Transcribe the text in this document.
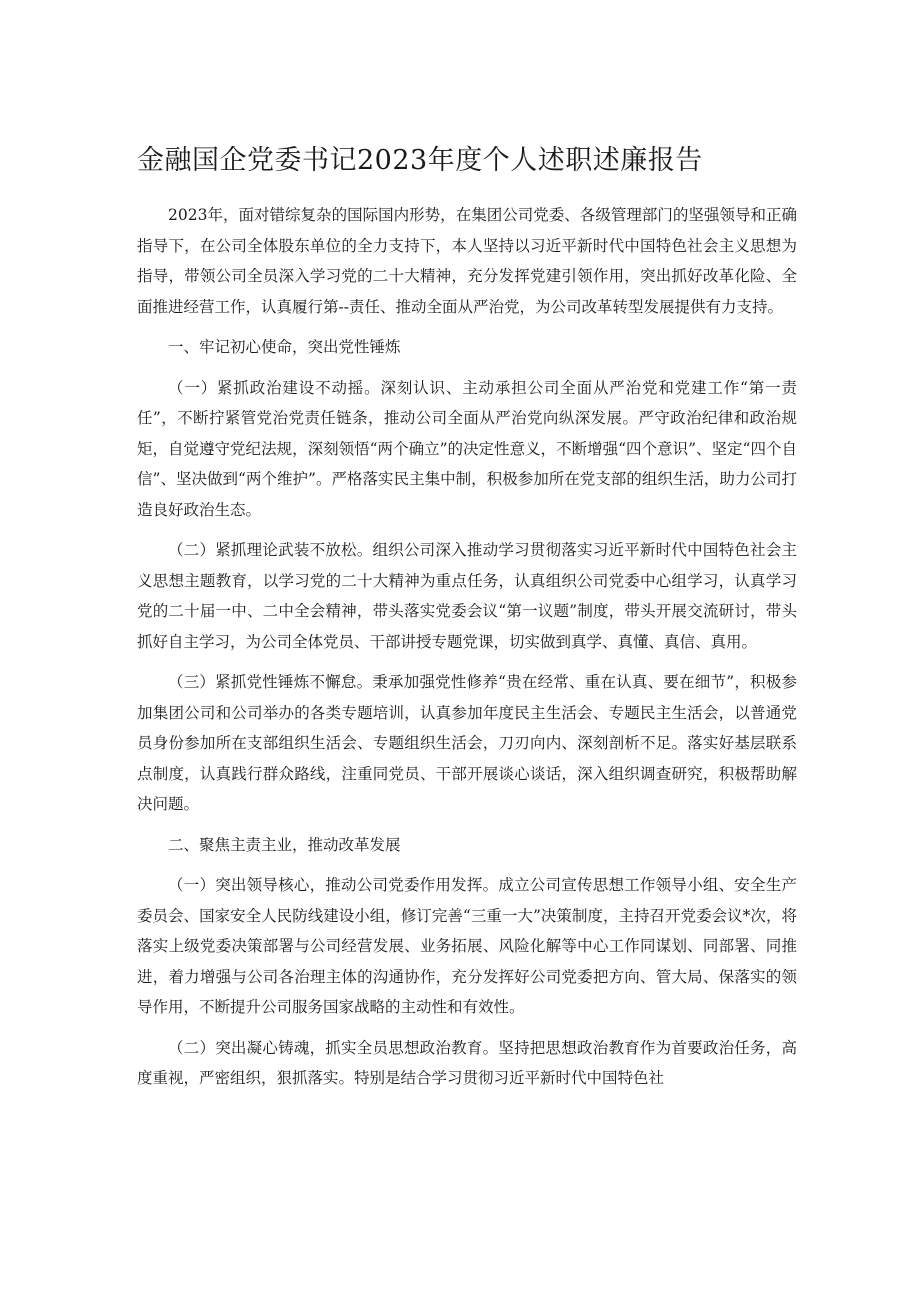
金融国企党委书记2023年度个人述职述廉报告

2023年，面对错综复杂的国际国内形势，在集团公司党委、各级管理部门的坚强领导和正确指导下，在公司全体股东单位的全力支持下，本人坚持以习近平新时代中国特色社会主义思想为指导，带领公司全员深入学习党的二十大精神，充分发挥党建引领作用，突出抓好改革化险、全面推进经营工作，认真履行第--责任、推动全面从严治党，为公司改革转型发展提供有力支持。

一、牢记初心使命，突出党性锤炼

（一）紧抓政治建设不动摇。深刻认识、主动承担公司全面从严治党和党建工作“第一责任”，不断拧紧管党治党责任链条，推动公司全面从严治党向纵深发展。严守政治纪律和政治规矩，自觉遵守党纪法规，深刻领悟“两个确立”的决定性意义，不断增强“四个意识”、坚定“四个自信”、坚决做到“两个维护”。严格落实民主集中制，积极参加所在党支部的组织生活，助力公司打造良好政治生态。

（二）紧抓理论武装不放松。组织公司深入推动学习贯彻落实习近平新时代中国特色社会主义思想主题教育，以学习党的二十大精神为重点任务，认真组织公司党委中心组学习，认真学习党的二十届一中、二中全会精神，带头落实党委会议“第一议题”制度，带头开展交流研讨，带头抓好自主学习，为公司全体党员、干部讲授专题党课，切实做到真学、真懂、真信、真用。

（三）紧抓党性锤炼不懈怠。秉承加强党性修养“贵在经常、重在认真、要在细节”，积极参加集团公司和公司举办的各类专题培训，认真参加年度民主生活会、专题民主生活会，以普通党员身份参加所在支部组织生活会、专题组织生活会，刀刃向内、深刻剖析不足。落实好基层联系点制度，认真践行群众路线，注重同党员、干部开展谈心谈话，深入组织调查研究，积极帮助解决问题。

二、聚焦主责主业，推动改革发展

（一）突出领导核心，推动公司党委作用发挥。成立公司宣传思想工作领导小组、安全生产委员会、国家安全人民防线建设小组，修订完善“三重一大”决策制度，主持召开党委会议*次，将落实上级党委决策部署与公司经营发展、业务拓展、风险化解等中心工作同谋划、同部署、同推进，着力增强与公司各治理主体的沟通协作，充分发挥好公司党委把方向、管大局、保落实的领导作用，不断提升公司服务国家战略的主动性和有效性。

（二）突出凝心铸魂，抓实全员思想政治教育。坚持把思想政治教育作为首要政治任务，高度重视，严密组织，狠抓落实。特别是结合学习贯彻习近平新时代中国特色社
